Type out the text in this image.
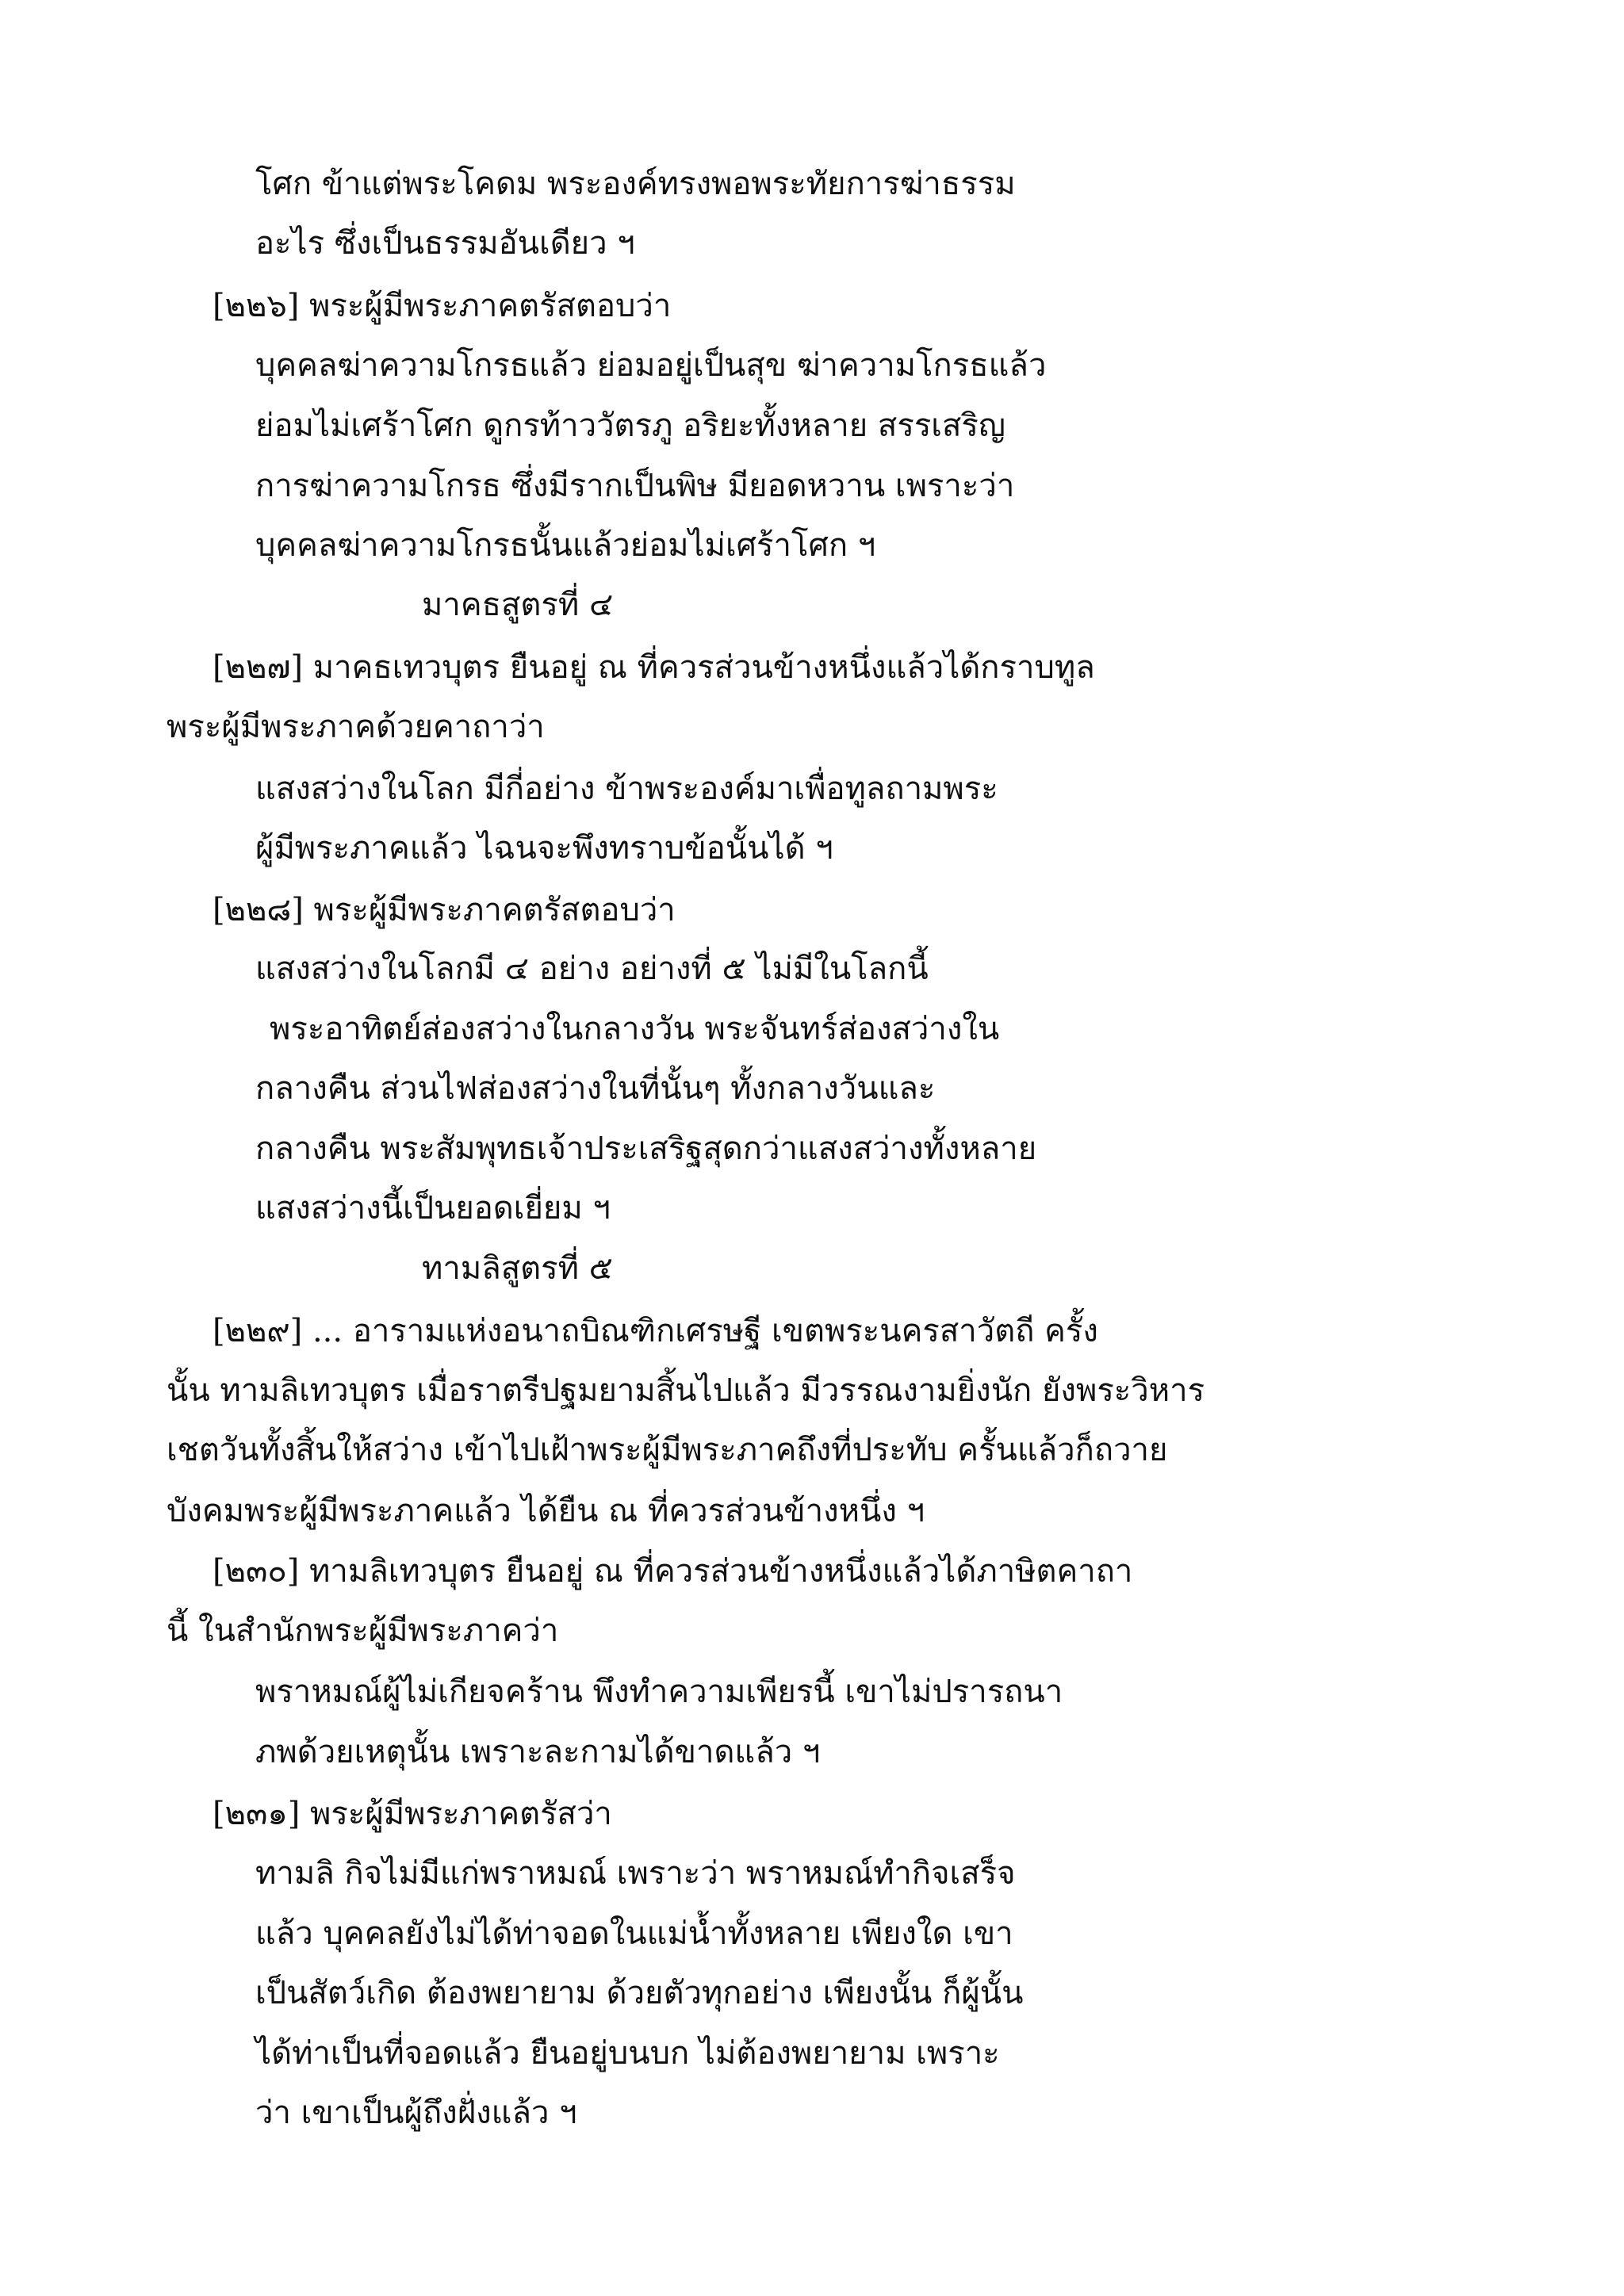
โศก ข้าแต่พระโคดม พระองค์ทรงพอพระทัยการฆ่าธรรม

อะไร ซึ่งเป็นธรรมอันเดียว ฯ

[๒๒๖] พระผู้มีพระภาคตรัสตอบว่า

บุคคลฆ่าความโกรธแล้ว ย่อมอยู่เป็นสุข ฆ่าความโกรธแล้ว

ย่อมไม่เศร้าโศก ดูกรท้าววัตรภู อริยะทั้งหลาย สรรเสริญ

การฆ่าความโกรธ ซึ่งมีรากเป็นพิษ มียอดหวาน เพราะว่า

บุคคลฆ่าความโกรธนั้นแล้วย่อมไม่เศร้าโศก ฯ

มาคธสูตรที่ ๔

[๒๒๗] มาคธเทวบุตร ยืนอยู่ ณ ที่ควรส่วนข้างหนึ่งแล้วได้กราบทูล

พระผู้มีพระภาคด้วยคาถาว่า

แสงสว่างในโลก มีกี่อย่าง ข้าพระองค์มาเพื่อทูลถามพระ

ผู้มีพระภาคแล้ว ไฉนจะพึงทราบข้อนั้นได้ ฯ

[๒๒๘] พระผู้มีพระภาคตรัสตอบว่า

แสงสว่างในโลกมี ๔ อย่าง อย่างที่ ๕ ไม่มีในโลกนี้

พระอาทิตย์ส่องสว่างในกลางวัน พระจันทร์ส่องสว่างใน

กลางคืน ส่วนไฟส่องสว่างในที่นั้นๆ ทั้งกลางวันและ

กลางคืน พระสัมพุทธเจ้าประเสริฐสุดกว่าแสงสว่างทั้งหลาย

แสงสว่างนี้เป็นยอดเยี่ยม ฯ

ทามลิสูตรที่ ๕

[๒๒๙] ... อารามแห่งอนาถบิณฑิกเศรษฐี เขตพระนครสาวัตถี ครั้ง

นั้น ทามลิเทวบุตร เมื่อราตรีปฐมยามสิ้นไปแล้ว มีวรรณงามยิ่งนัก ยังพระวิหาร

เชตวันทั้งสิ้นให้สว่าง เข้าไปเฝ้าพระผู้มีพระภาคถึงที่ประทับ ครั้นแล้วก็ถวาย

บังคมพระผู้มีพระภาคแล้ว ได้ยืน ณ ที่ควรส่วนข้างหนึ่ง ฯ

[๒๓๐] ทามลิเทวบุตร ยืนอยู่ ณ ที่ควรส่วนข้างหนึ่งแล้วได้ภาษิตคาถา

นี้ ในสำนักพระผู้มีพระภาคว่า

พราหมณ์ผู้ไม่เกียจคร้าน พึงทำความเพียรนี้ เขาไม่ปรารถนา

ภพด้วยเหตุนั้น เพราะละกามได้ขาดแล้ว ฯ

[๒๓๑] พระผู้มีพระภาคตรัสว่า

ทามลิ กิจไม่มีแก่พราหมณ์ เพราะว่า พราหมณ์ทำกิจเสร็จ

แล้ว บุคคลยังไม่ได้ท่าจอดในแม่น้ำทั้งหลาย เพียงใด เขา

เป็นสัตว์เกิด ต้องพยายาม ด้วยตัวทุกอย่าง เพียงนั้น ก็ผู้นั้น

ได้ท่าเป็นที่จอดแล้ว ยืนอยู่บนบก ไม่ต้องพยายาม เพราะ

ว่า เขาเป็นผู้ถึงฝั่งแล้ว ฯ
